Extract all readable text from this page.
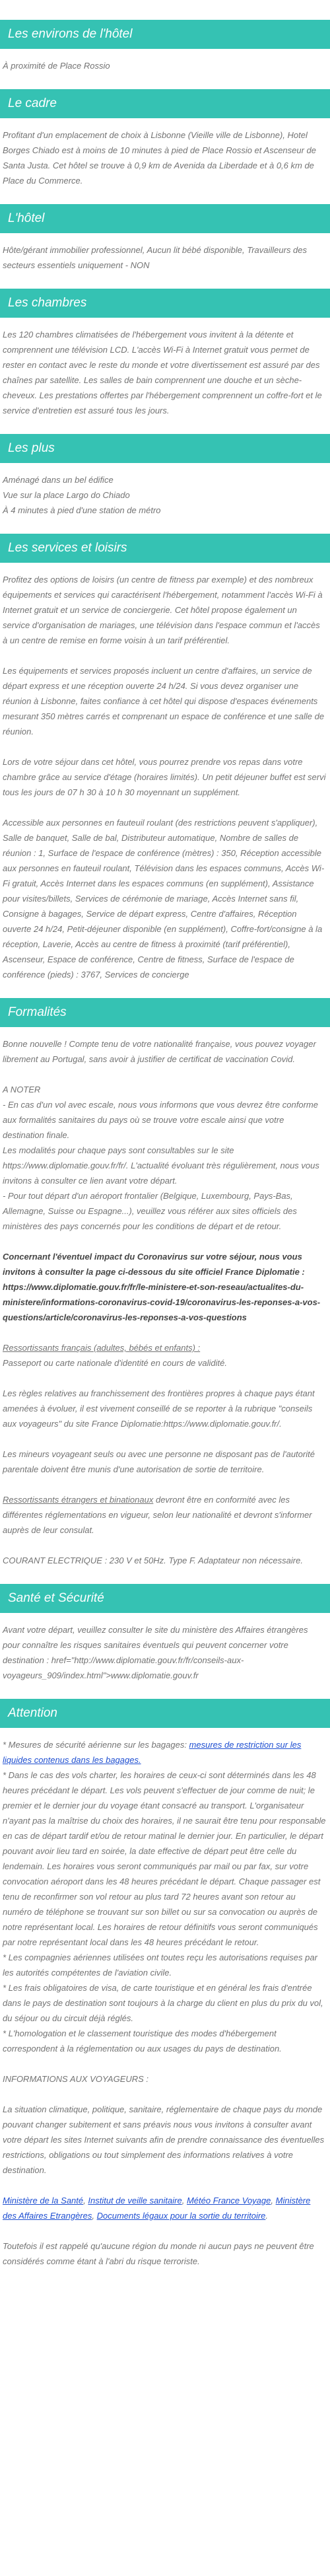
Les environs de l'hôtel

À proximité de Place Rossio

Le cadre

Profitant d'un emplacement de choix à Lisbonne (Vieille ville de Lisbonne), Hotel Borges Chiado est à moins de 10 minutes à pied de Place Rossio et Ascenseur de Santa Justa. Cet hôtel se trouve à 0,9 km de Avenida da Liberdade et à 0,6 km de Place du Commerce.

L'hôtel

Hôte/gérant immobilier professionnel, Aucun lit bébé disponible, Travailleurs des secteurs essentiels uniquement - NON

Les chambres

Les 120 chambres climatisées de l'hébergement vous invitent à la détente et comprennent une télévision LCD. L'accès Wi-Fi à Internet gratuit vous permet de rester en contact avec le reste du monde et votre divertissement est assuré par des chaînes par satellite. Les salles de bain comprennent une douche et un sèche-cheveux. Les prestations offertes par l'hébergement comprennent un coffre-fort et le service d'entretien est assuré tous les jours.

Les plus

Aménagé dans un bel édifice
Vue sur la place Largo do Chiado
À 4 minutes à pied d'une station de métro

Les services et loisirs

Profitez des options de loisirs (un centre de fitness par exemple) et des nombreux équipements et services qui caractérisent l'hébergement, notamment l'accès Wi-Fi à Internet gratuit et un service de conciergerie. Cet hôtel propose également un service d'organisation de mariages, une télévision dans l'espace commun et l'accès à un centre de remise en forme voisin à un tarif préférentiel.

Les équipements et services proposés incluent un centre d'affaires, un service de départ express et une réception ouverte 24 h/24. Si vous devez organiser une réunion à Lisbonne, faites confiance à cet hôtel qui dispose d'espaces événements mesurant 350 mètres carrés et comprenant un espace de conférence et une salle de réunion.

Lors de votre séjour dans cet hôtel, vous pourrez prendre vos repas dans votre chambre grâce au service d'étage (horaires limités). Un petit déjeuner buffet est servi tous les jours de 07 h 30 à 10 h 30 moyennant un supplément.

Accessible aux personnes en fauteuil roulant (des restrictions peuvent s'appliquer), Salle de banquet, Salle de bal, Distributeur automatique, Nombre de salles de réunion : 1, Surface de l'espace de conférence (mètres) : 350, Réception accessible aux personnes en fauteuil roulant, Télévision dans les espaces communs, Accès Wi-Fi gratuit, Accès Internet dans les espaces communs (en supplément), Assistance pour visites/billets, Services de cérémonie de mariage, Accès Internet sans fil, Consigne à bagages, Service de départ express, Centre d'affaires, Réception ouverte 24 h/24, Petit-déjeuner disponible (en supplément), Coffre-fort/consigne à la réception, Laverie, Accès au centre de fitness à proximité (tarif préférentiel), Ascenseur, Espace de conférence, Centre de fitness, Surface de l'espace de conférence (pieds) : 3767, Services de concierge

Formalités

Bonne nouvelle ! Compte tenu de votre nationalité française, vous pouvez voyager librement au Portugal, sans avoir à justifier de certificat de vaccination Covid.

A NOTER
- En cas d'un vol avec escale, nous vous informons que vous devrez être conforme aux formalités sanitaires du pays où se trouve votre escale ainsi que votre destination finale.
Les modalités pour chaque pays sont consultables sur le site https://www.diplomatie.gouv.fr/fr/. L'actualité évoluant très régulièrement, nous vous invitons à consulter ce lien avant votre départ.
- Pour tout départ d'un aéroport frontalier (Belgique, Luxembourg, Pays-Bas, Allemagne, Suisse ou Espagne...), veuillez vous référer aux sites officiels des ministères des pays concernés pour les conditions de départ et de retour.

Concernant l'éventuel impact du Coronavirus sur votre séjour, nous vous invitons à consulter la page ci-dessous du site officiel France Diplomatie : https://www.diplomatie.gouv.fr/fr/le-ministere-et-son-reseau/actualites-du-ministere/informations-coronavirus-covid-19/coronavirus-les-reponses-a-vos-questions/article/coronavirus-les-reponses-a-vos-questions

Ressortissants français (adultes, bébés et enfants) :
Passeport ou carte nationale d'identité en cours de validité.

Les règles relatives au franchissement des frontières propres à chaque pays étant amenées à évoluer, il est vivement conseillé de se reporter à la rubrique "conseils aux voyageurs" du site France Diplomatie:https://www.diplomatie.gouv.fr/.

Les mineurs voyageant seuls ou avec une personne ne disposant pas de l'autorité parentale doivent être munis d'une autorisation de sortie de territoire.

Ressortissants étrangers et binationaux devront être en conformité avec les différentes réglementations en vigueur, selon leur nationalité et devront s'informer auprès de leur consulat.

COURANT ELECTRIQUE : 230 V et 50Hz. Type F. Adaptateur non nécessaire.

Santé et Sécurité

Avant votre départ, veuillez consulter le site du ministère des Affaires étrangères pour connaître les risques sanitaires éventuels qui peuvent concerner votre destination : href="http://www.diplomatie.gouv.fr/fr/conseils-aux-voyageurs_909/index.html">www.diplomatie.gouv.fr

Attention

* Mesures de sécurité aérienne sur les bagages: mesures de restriction sur les liquides contenus dans les bagages.
* Dans le cas des vols charter, les horaires de ceux-ci sont déterminés dans les 48 heures précédant le départ. Les vols peuvent s'effectuer de jour comme de nuit; le premier et le dernier jour du voyage étant consacré au transport. L'organisateur n'ayant pas la maîtrise du choix des horaires, il ne saurait être tenu pour responsable en cas de départ tardif et/ou de retour matinal le dernier jour. En particulier, le départ pouvant avoir lieu tard en soirée, la date effective de départ peut être celle du lendemain. Les horaires vous seront communiqués par mail ou par fax, sur votre convocation aéroport dans les 48 heures précédant le départ. Chaque passager est tenu de reconfirmer son vol retour au plus tard 72 heures avant son retour au numéro de téléphone se trouvant sur son billet ou sur sa convocation ou auprès de notre représentant local. Les horaires de retour définitifs vous seront communiqués par notre représentant local dans les 48 heures précédant le retour.
* Les compagnies aériennes utilisées ont toutes reçu les autorisations requises par les autorités compétentes de l'aviation civile.
* Les frais obligatoires de visa, de carte touristique et en général les frais d'entrée dans le pays de destination sont toujours à la charge du client en plus du prix du vol, du séjour ou du circuit déjà réglés.
* L'homologation et le classement touristique des modes d'hébergement correspondent à la réglementation ou aux usages du pays de destination.

INFORMATIONS AUX VOYAGEURS :

La situation climatique, politique, sanitaire, réglementaire de chaque pays du monde pouvant changer subitement et sans préavis nous vous invitons à consulter avant votre départ les sites Internet suivants afin de prendre connaissance des éventuelles restrictions, obligations ou tout simplement des informations relatives à votre destination.

Ministère de la Santé, Institut de veille sanitaire, Météo France Voyage, Ministère des Affaires Etrangères, Documents légaux pour la sortie du territoire.

Toutefois il est rappelé qu'aucune région du monde ni aucun pays ne peuvent être considérés comme étant à l'abri du risque terroriste.
